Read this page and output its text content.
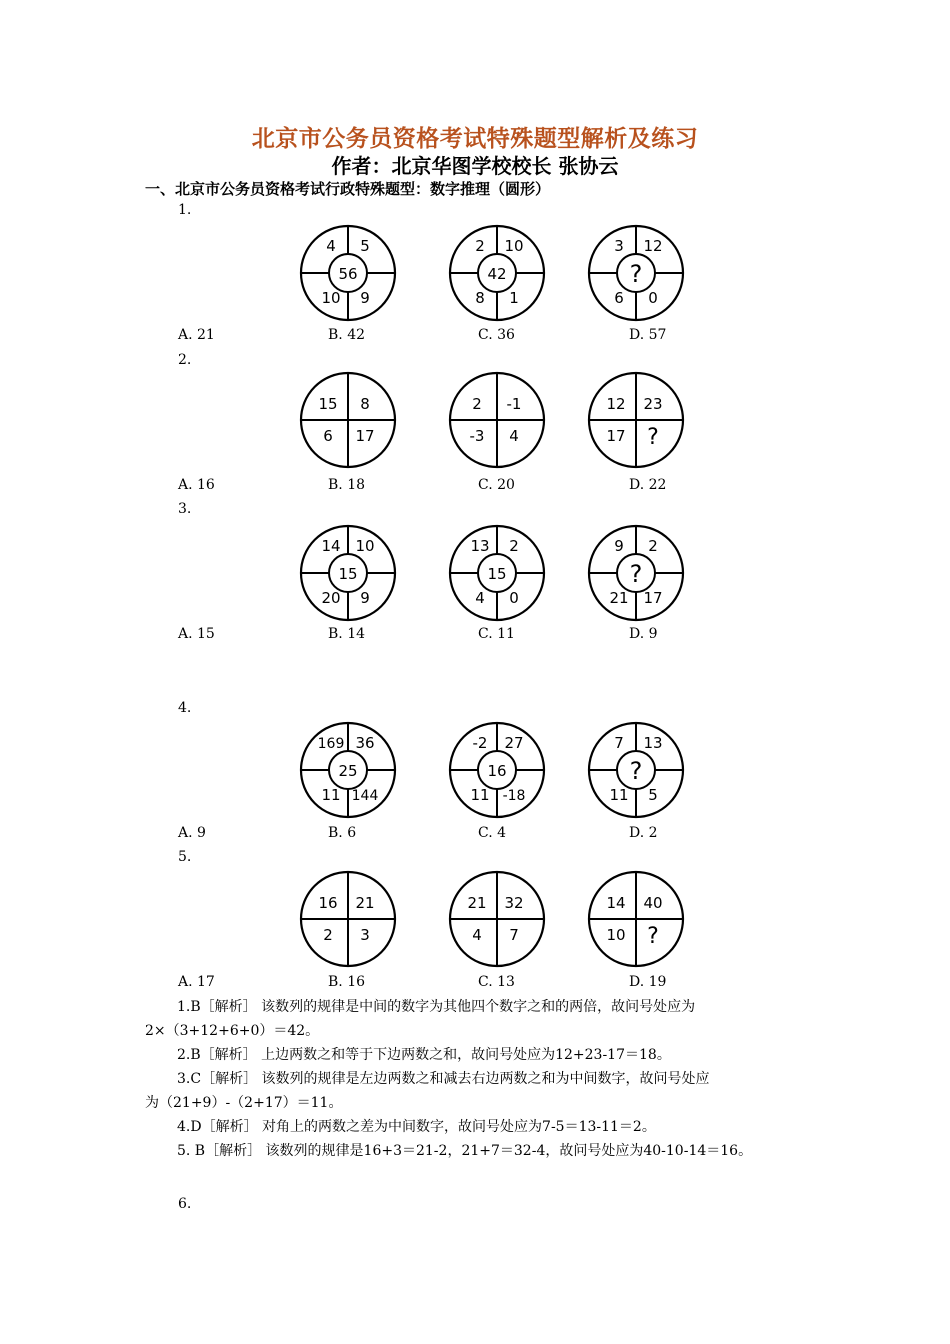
北京市公务员资格考试特殊题型解析及练习
作者：北京华图学校校长 张协云
一、北京市公务员资格考试行政特殊题型：数字推理（圆形）
1.
4 5
10 9
56
2 10
8 1
42
3 12
6 0
?
A. 21	B. 42	C. 36	D. 57
2.
15 8
6 17
2 -1
-3 4
12 23
17 ?
A. 16	B. 18	C. 20	D. 22
3.
14 10
20 9
15
13 2
4 0
15
9 2
21 17
?
A. 15	B. 14	C. 11	D. 9
4.
169 36
11 144
25
-2 27
11 -18
16
7 13
11 5
?
A. 9	B. 6	C. 4	D. 2
5.
16 21
2 3
21 32
4 7
14 40
10 ?
A. 17	B. 16	C. 13	D. 19
1.B［解析］ 该数列的规律是中间的数字为其他四个数字之和的两倍，故问号处应为
2×（3+12+6+0）＝42。
2.B［解析］ 上边两数之和等于下边两数之和，故问号处应为12+23-17＝18。
3.C［解析］ 该数列的规律是左边两数之和减去右边两数之和为中间数字，故问号处应
为（21+9）-（2+17）＝11。
4.D［解析］ 对角上的两数之差为中间数字，故问号处应为7-5＝13-11＝2。
5. B［解析］ 该数列的规律是16+3＝21-2，21+7＝32-4，故问号处应为40-10-14＝16。
6.
